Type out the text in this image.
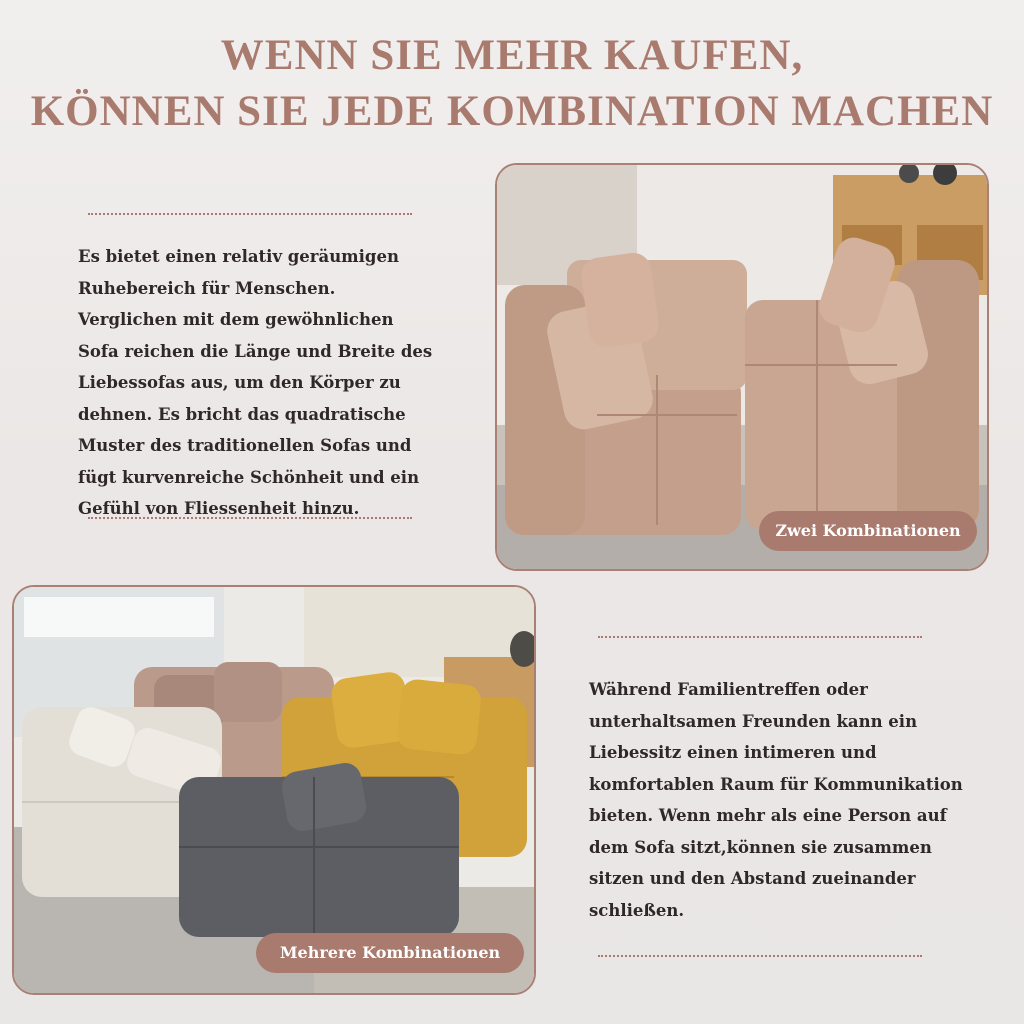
WENN SIE MEHR KAUFEN,
KÖNNEN SIE JEDE KOMBINATION MACHEN

Es bietet einen relativ geräumigen Ruhebereich für Menschen. Verglichen mit dem gewöhnlichen Sofa reichen die Länge und Breite des Liebessofas aus, um den Körper zu dehnen. Es bricht das quadratische Muster des traditionellen Sofas und fügt kurvenreiche Schönheit und ein Gefühl von Fliessenheit hinzu.

Zwei Kombinationen
Mehrere Kombinationen

Während Familientreffen oder unterhaltsamen Freunden kann ein Liebessitz einen intimeren und komfortablen Raum für Kommunikation bieten. Wenn mehr als eine Person auf dem Sofa sitzt,können sie zusammen sitzen und den Abstand zueinander schließen.
